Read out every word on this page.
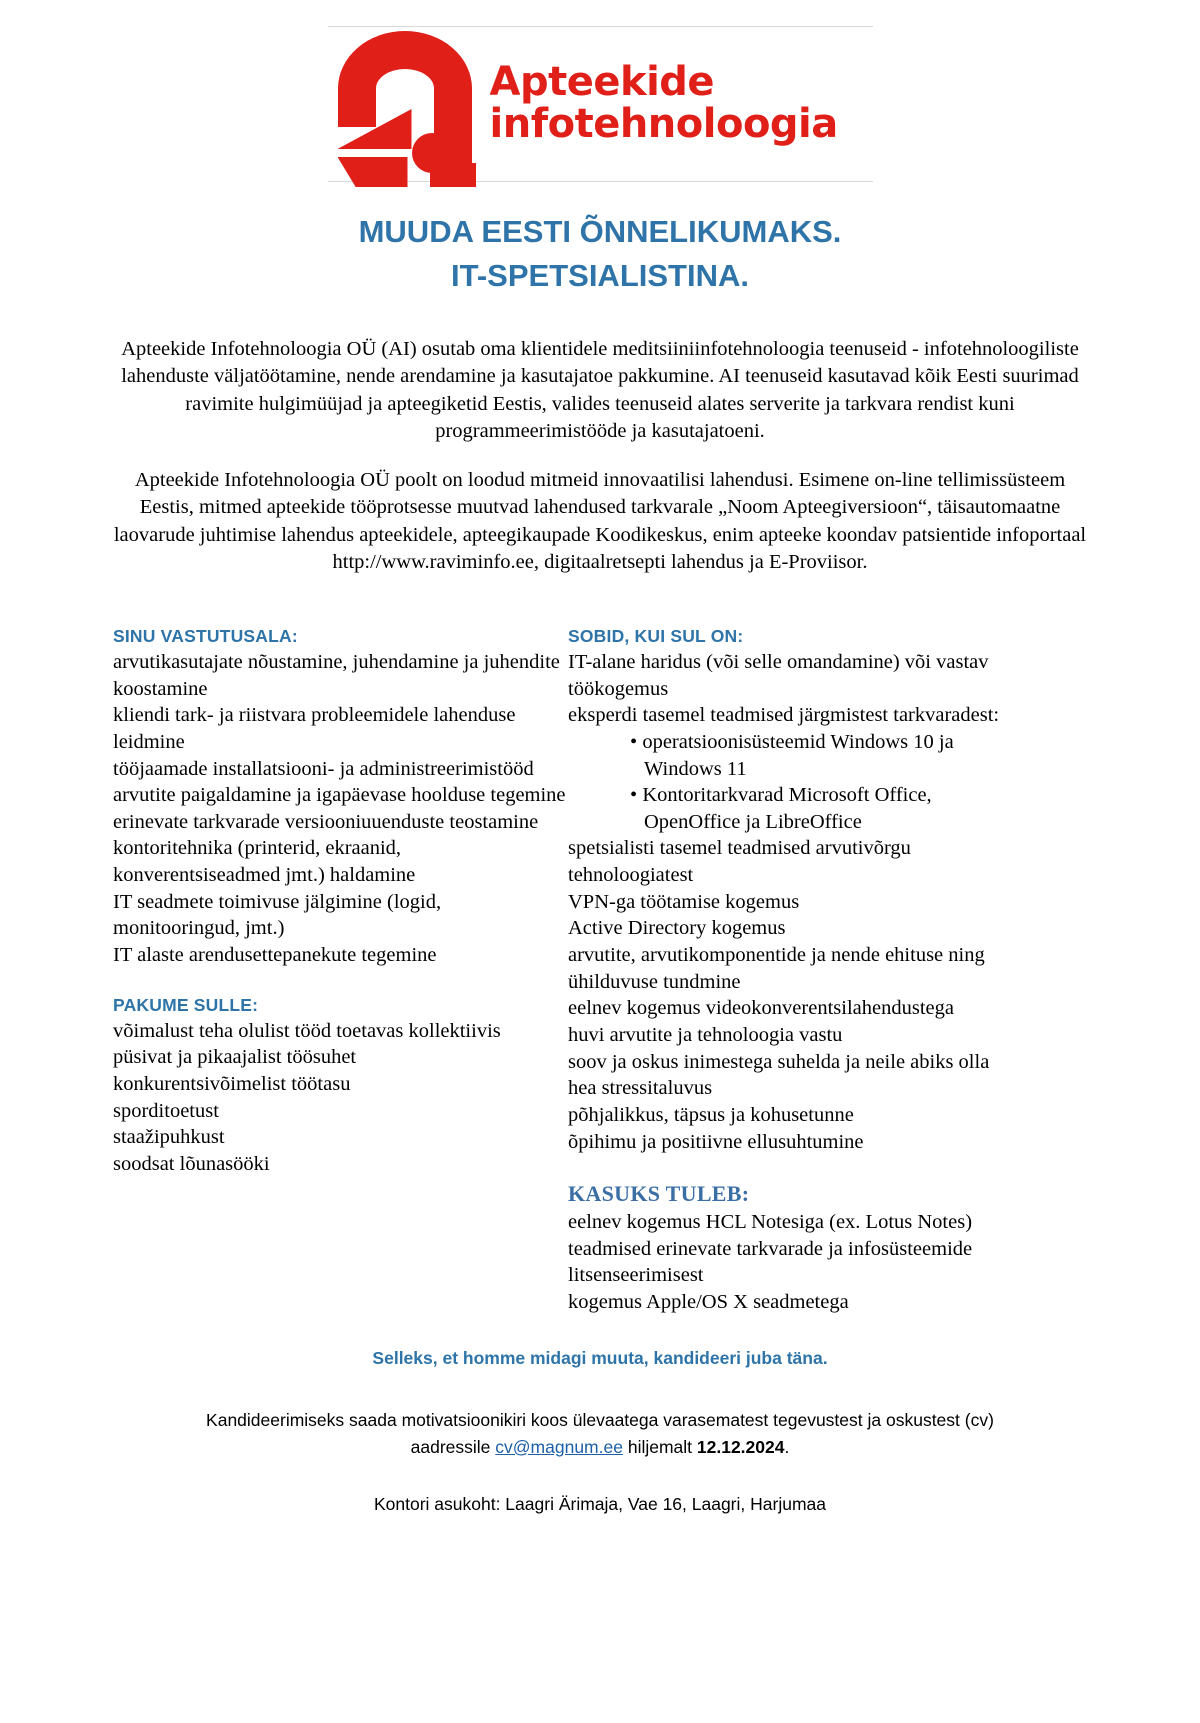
Apteekide
infotehnoloogia
MUUDA EESTI ÕNNELIKUMAKS.
IT-SPETSIALISTINA.

Apteekide Infotehnoloogia OÜ (AI) osutab oma klientidele meditsiiniinfotehnoloogia teenuseid - infotehnoloogiliste lahenduste väljatöötamine, nende arendamine ja kasutajatoe pakkumine. AI teenuseid kasutavad kõik Eesti suurimad ravimite hulgimüüjad ja apteegiketid Eestis, valides teenuseid alates serverite ja tarkvara rendist kuni programmeerimistööde ja kasutajatoeni.

Apteekide Infotehnoloogia OÜ poolt on loodud mitmeid innovaatilisi lahendusi. Esimene on-line tellimissüsteem Eestis, mitmed apteekide tööprotsesse muutvad lahendused tarkvarale „Noom Apteegiversioon“, täisautomaatne laovarude juhtimise lahendus apteekidele, apteegikaupade Koodikeskus, enim apteeke koondav patsientide infoportaal http://www.raviminfo.ee, digitaalretsepti lahendus ja E-Proviisor.

SINU VASTUTUSALA:
arvutikasutajate nõustamine, juhendamine ja juhendite koostamine
kliendi tark- ja riistvara probleemidele lahenduse leidmine
tööjaamade installatsiooni- ja administreerimistööd
arvutite paigaldamine ja igapäevase hoolduse tegemine
erinevate tarkvarade versiooniuuenduste teostamine
kontoritehnika (printerid, ekraanid, konverentsiseadmed jmt.) haldamine
IT seadmete toimivuse jälgimine (logid, monitooringud, jmt.)
IT alaste arendusettepanekute tegemine
PAKUME SULLE:
võimalust teha olulist tööd toetavas kollektiivis
püsivat ja pikaajalist töösuhet
konkurentsivõimelist töötasu
sporditoetust
staažipuhkust
soodsat lõunasööki
SOBID, KUI SUL ON:
IT-alane haridus (või selle omandamine) või vastav töökogemus
eksperdi tasemel teadmised järgmistest tarkvaradest:
• operatsioonisüsteemid Windows 10 ja Windows 11
• Kontoritarkvarad Microsoft Office, OpenOffice ja LibreOffice
spetsialisti tasemel teadmised arvutivõrgu tehnoloogiatest
VPN-ga töötamise kogemus
Active Directory kogemus
arvutite, arvutikomponentide ja nende ehituse ning ühilduvuse tundmine
eelnev kogemus videokonverentsilahendustega
huvi arvutite ja tehnoloogia vastu
soov ja oskus inimestega suhelda ja neile abiks olla
hea stressitaluvus
põhjalikkus, täpsus ja kohusetunne
õpihimu ja positiivne ellusuhtumine
KASUKS TULEB:
eelnev kogemus HCL Notesiga (ex. Lotus Notes)
teadmised erinevate tarkvarade ja infosüsteemide litsenseerimisest
kogemus Apple/OS X seadmetega
Selleks, et homme midagi muuta, kandideeri juba täna.
Kandideerimiseks saada motivatsioonikiri koos ülevaatega varasematest tegevustest ja oskustest (cv)
aadressile cv@magnum.ee hiljemalt 12.12.2024.
Kontori asukoht: Laagri Ärimaja, Vae 16, Laagri, Harjumaa
